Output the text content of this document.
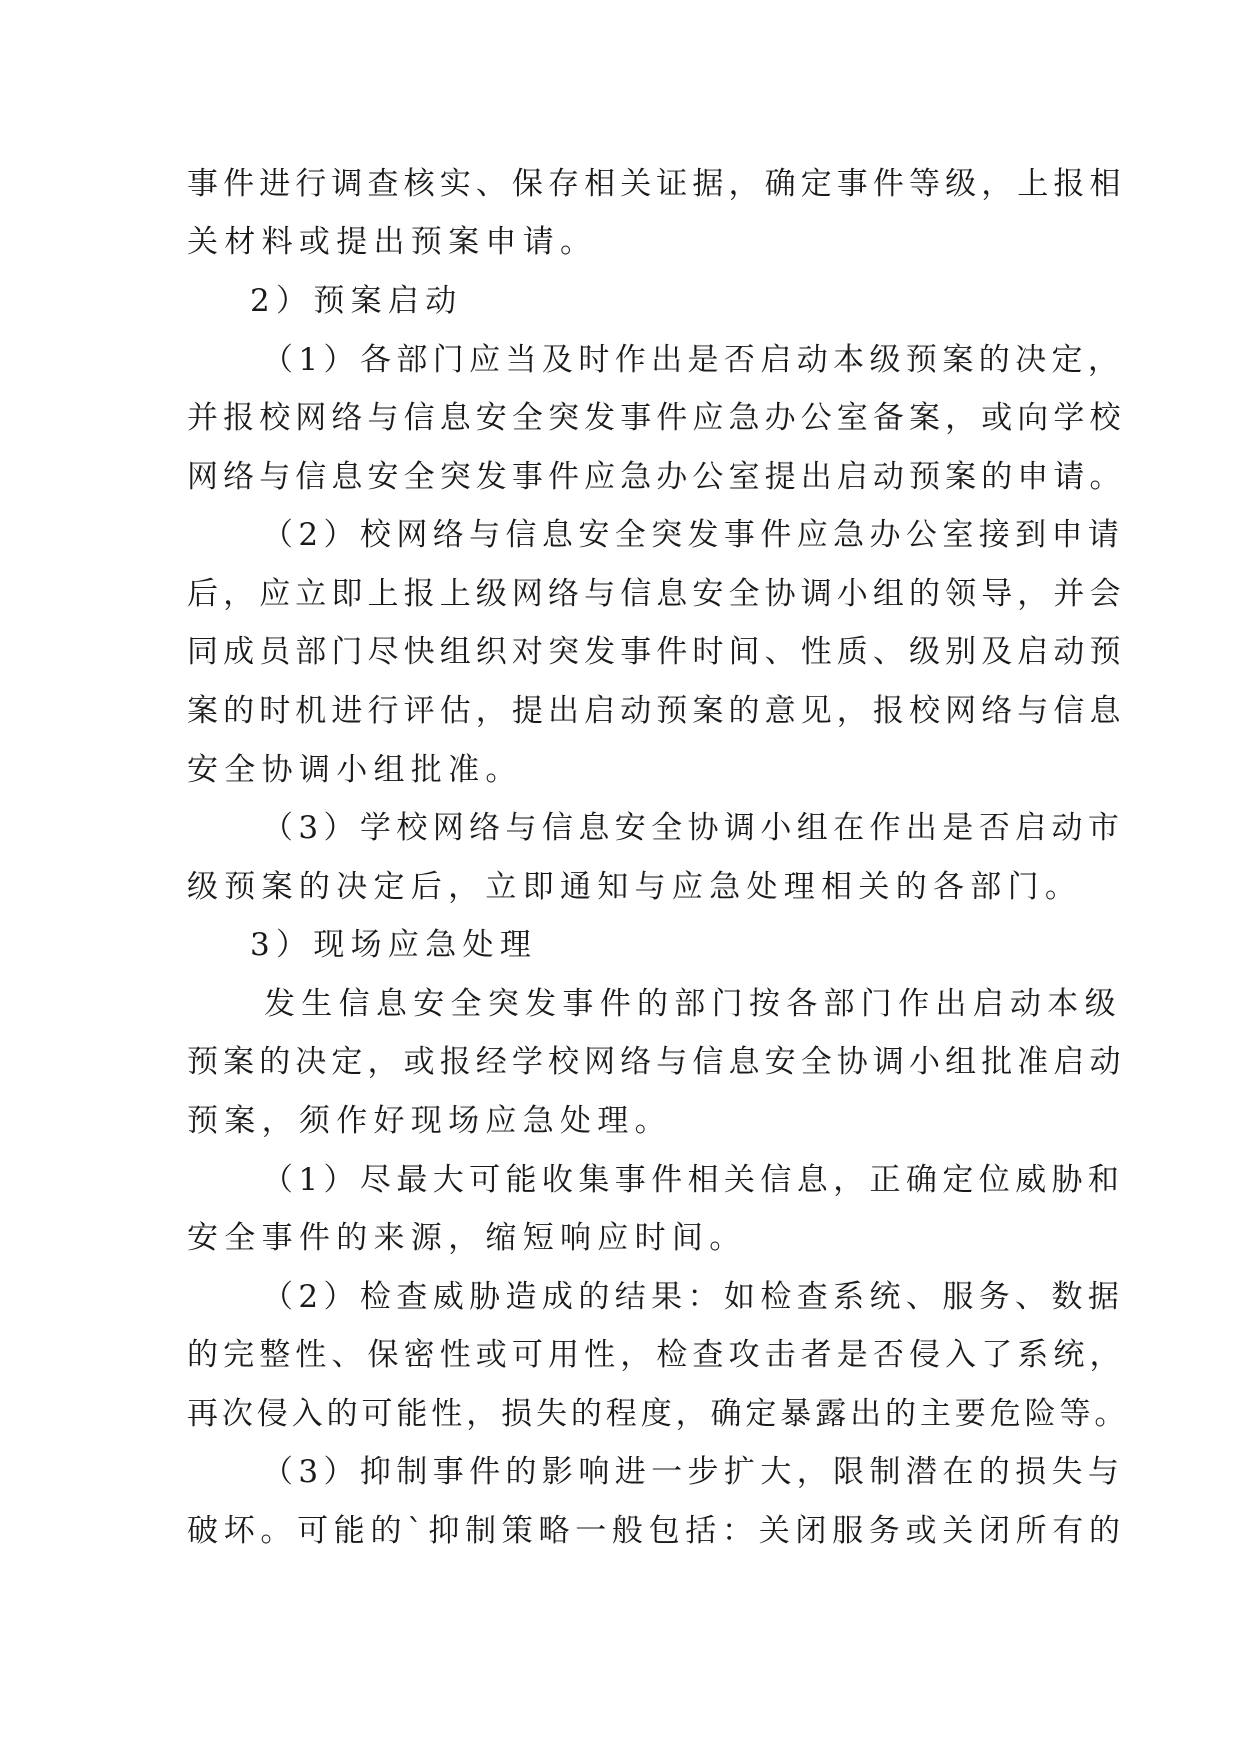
事件进行调查核实、保存相关证据，确定事件等级，上报相
关材料或提出预案申请。
2）预案启动
（1）各部门应当及时作出是否启动本级预案的决定，
并报校网络与信息安全突发事件应急办公室备案，或向学校
网络与信息安全突发事件应急办公室提出启动预案的申请。
（2）校网络与信息安全突发事件应急办公室接到申请
后，应立即上报上级网络与信息安全协调小组的领导，并会
同成员部门尽快组织对突发事件时间、性质、级别及启动预
案的时机进行评估，提出启动预案的意见，报校网络与信息
安全协调小组批准。
（3）学校网络与信息安全协调小组在作出是否启动市
级预案的决定后，立即通知与应急处理相关的各部门。
3）现场应急处理
发生信息安全突发事件的部门按各部门作出启动本级
预案的决定，或报经学校网络与信息安全协调小组批准启动
预案，须作好现场应急处理。
（1）尽最大可能收集事件相关信息，正确定位威胁和
安全事件的来源，缩短响应时间。
（2）检查威胁造成的结果：如检查系统、服务、数据
的完整性、保密性或可用性，检查攻击者是否侵入了系统，
再次侵入的可能性，损失的程度，确定暴露出的主要危险等。
（3）抑制事件的影响进一步扩大，限制潜在的损失与
破坏。可能的`抑制策略一般包括：关闭服务或关闭所有的
